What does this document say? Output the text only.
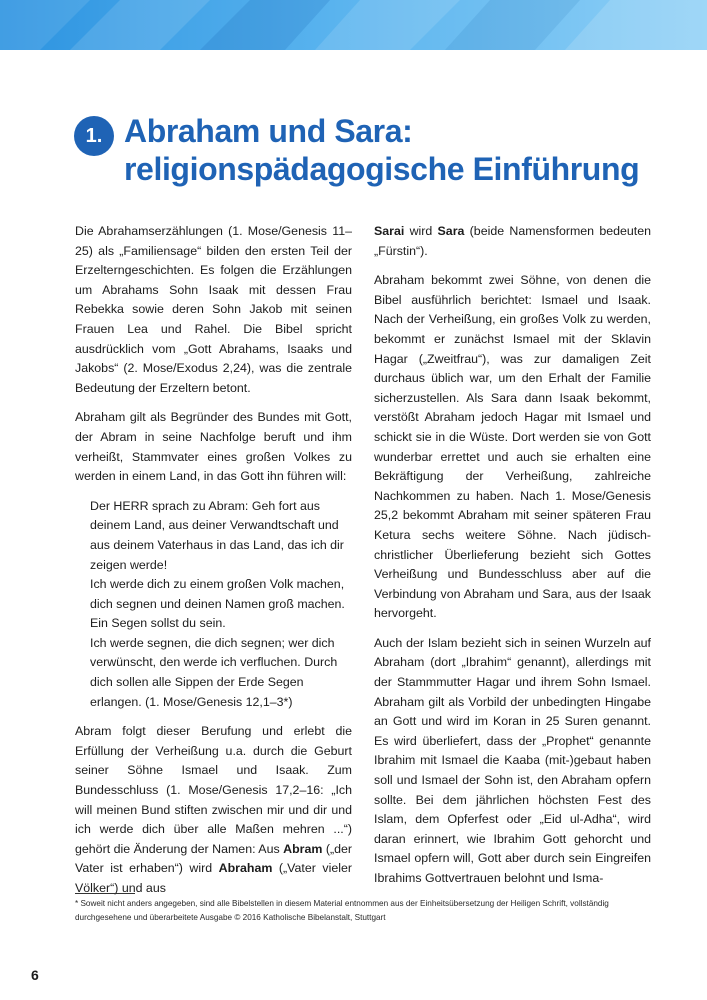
1. Abraham und Sara:
religionspädagogische Einführung

Die Abrahamserzählungen (1. Mose/Genesis 11–25) als „Familiensage“ bilden den ersten Teil der Erzelterngeschichten. Es folgen die Erzählungen um Abrahams Sohn Isaak mit dessen Frau Rebekka sowie deren Sohn Jakob mit seinen Frauen Lea und Rahel. Die Bibel spricht ausdrücklich vom „Gott Abrahams, Isaaks und Jakobs“ (2. Mose/Exodus 2,24), was die zentrale Bedeutung der Erzeltern betont.

Abraham gilt als Begründer des Bundes mit Gott, der Abram in seine Nachfolge beruft und ihm verheißt, Stammvater eines großen Volkes zu werden in einem Land, in das Gott ihn führen will:

Der HERR sprach zu Abram: Geh fort aus deinem Land, aus deiner Verwandtschaft und aus deinem Vaterhaus in das Land, das ich dir zeigen werde!
Ich werde dich zu einem großen Volk machen, dich segnen und deinen Namen groß machen. Ein Segen sollst du sein.
Ich werde segnen, die dich segnen; wer dich verwünscht, den werde ich verfluchen. Durch dich sollen alle Sippen der Erde Segen erlangen. (1. Mose/Genesis 12,1–3*)

Abram folgt dieser Berufung und erlebt die Erfüllung der Verheißung u.a. durch die Geburt seiner Söhne Ismael und Isaak. Zum Bundesschluss (1. Mose/Genesis 17,2–16: „Ich will meinen Bund stiften zwischen mir und dir und ich werde dich über alle Maßen mehren ...“) gehört die Änderung der Namen: Aus Abram („der Vater ist erhaben“) wird Abraham („Vater vieler Völker“) und aus

Sarai wird Sara (beide Namensformen bedeuten „Fürstin“).

Abraham bekommt zwei Söhne, von denen die Bibel ausführlich berichtet: Ismael und Isaak. Nach der Verheißung, ein großes Volk zu werden, bekommt er zunächst Ismael mit der Sklavin Hagar („Zweitfrau“), was zur damaligen Zeit durchaus üblich war, um den Erhalt der Familie sicherzustellen. Als Sara dann Isaak bekommt, verstößt Abraham jedoch Hagar mit Ismael und schickt sie in die Wüste. Dort werden sie von Gott wunderbar errettet und auch sie erhalten eine Bekräftigung der Verheißung, zahlreiche Nachkommen zu haben. Nach 1. Mose/Genesis 25,2 bekommt Abraham mit seiner späteren Frau Ketura sechs weitere Söhne. Nach jüdisch-christlicher Überlieferung bezieht sich Gottes Verheißung und Bundesschluss aber auf die Verbindung von Abraham und Sara, aus der Isaak hervorgeht.

Auch der Islam bezieht sich in seinen Wurzeln auf Abraham (dort „Ibrahim“ genannt), allerdings mit der Stammmutter Hagar und ihrem Sohn Ismael. Abraham gilt als Vorbild der unbedingten Hingabe an Gott und wird im Koran in 25 Suren genannt. Es wird überliefert, dass der „Prophet“ genannte Ibrahim mit Ismael die Kaaba (mit-)gebaut haben soll und Ismael der Sohn ist, den Abraham opfern sollte. Bei dem jährlichen höchsten Fest des Islam, dem Opferfest oder „Eid ul-Adha“, wird daran erinnert, wie Ibrahim Gott gehorcht und Ismael opfern will, Gott aber durch sein Eingreifen Ibrahims Gottvertrauen belohnt und Isma-

* Soweit nicht anders angegeben, sind alle Bibelstellen in diesem Material entnommen aus der Einheitsübersetzung der Heiligen Schrift, vollständig durchgesehene und überarbeitete Ausgabe © 2016 Katholische Bibelanstalt, Stuttgart
6
